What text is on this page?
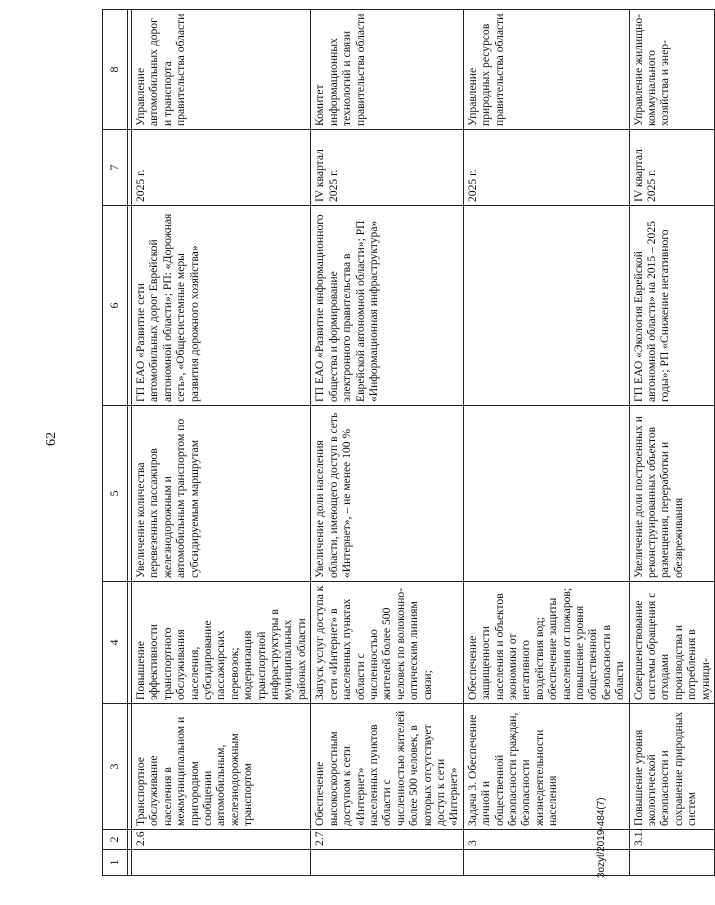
62
1	2	3	4	5	6	7	8

	2.6	Транспортное обслуживание населения в межмуниципальном и пригородном сообщении автомобильным, железнодорожным транспортом	Повышение эффективности транспортного обслуживания населения, субсидирование пассажирских перевозок; модернизация транспортной инфраструктуры в муниципальных районах области	Увеличение количества перевезенных пассажиров железнодорожным и автомобильным транспортом по субсидируемым маршрутам	ГП ЕАО «Развитие сети автомобильных дорог Еврейской автономной области»; РП: «Дорожная сеть», «Общесистемные меры развития дорожного хозяйства»	2025 г.	Управление автомобильных дорог и транспорта правительства области
	2.7	Обеспечение высокоскоростным доступом к сети «Интернет» населенных пунктов области с численностью жителей более 500 человек, в которых отсутствует доступ к сети «Интернет»	Запуск услуг доступа к сети «Интернет» в населенных пунктах области с численностью жителей более 500 человек по волоконно-оптическим линиям связи;	Увеличение доли населения области, имеющего доступ в сеть «Интернет», – не менее 100 %	ГП ЕАО «Развитие информационного общества и формирование электронного правительства в Еврейской автономной области»; РП «Информационная инфраструктура»	IV квартал 2025 г.	Комитет информационных технологий и связи правительства области
	3	Задача 3. Обеспечение личной и общественной безопасности граждан, безопасности жизнедеятельности населения	Обеспечение защищенности населения и объектов экономики от негативного воздействия вод; обеспечение защиты населения от пожаров; повышение уровня общественной безопасности в области			2025 г.	Управление природных ресурсов правительства области
	3.1.	Повышение уровня экологической безопасности и сохранение природных систем	Совершенствование системы обращения с отходами производства и потребления в муници-	Увеличение доли построенных и реконструированных объектов размещения, переработки и обезвреживания	ГП ЕАО «Экология Еврейской автономной области» на 2015 – 2025 годы»; РП «Снижение негативного	IV квартал 2025 г.	Управление жилищно-коммунального хозяйства и энер-
3оzyl/2019-484(7)
